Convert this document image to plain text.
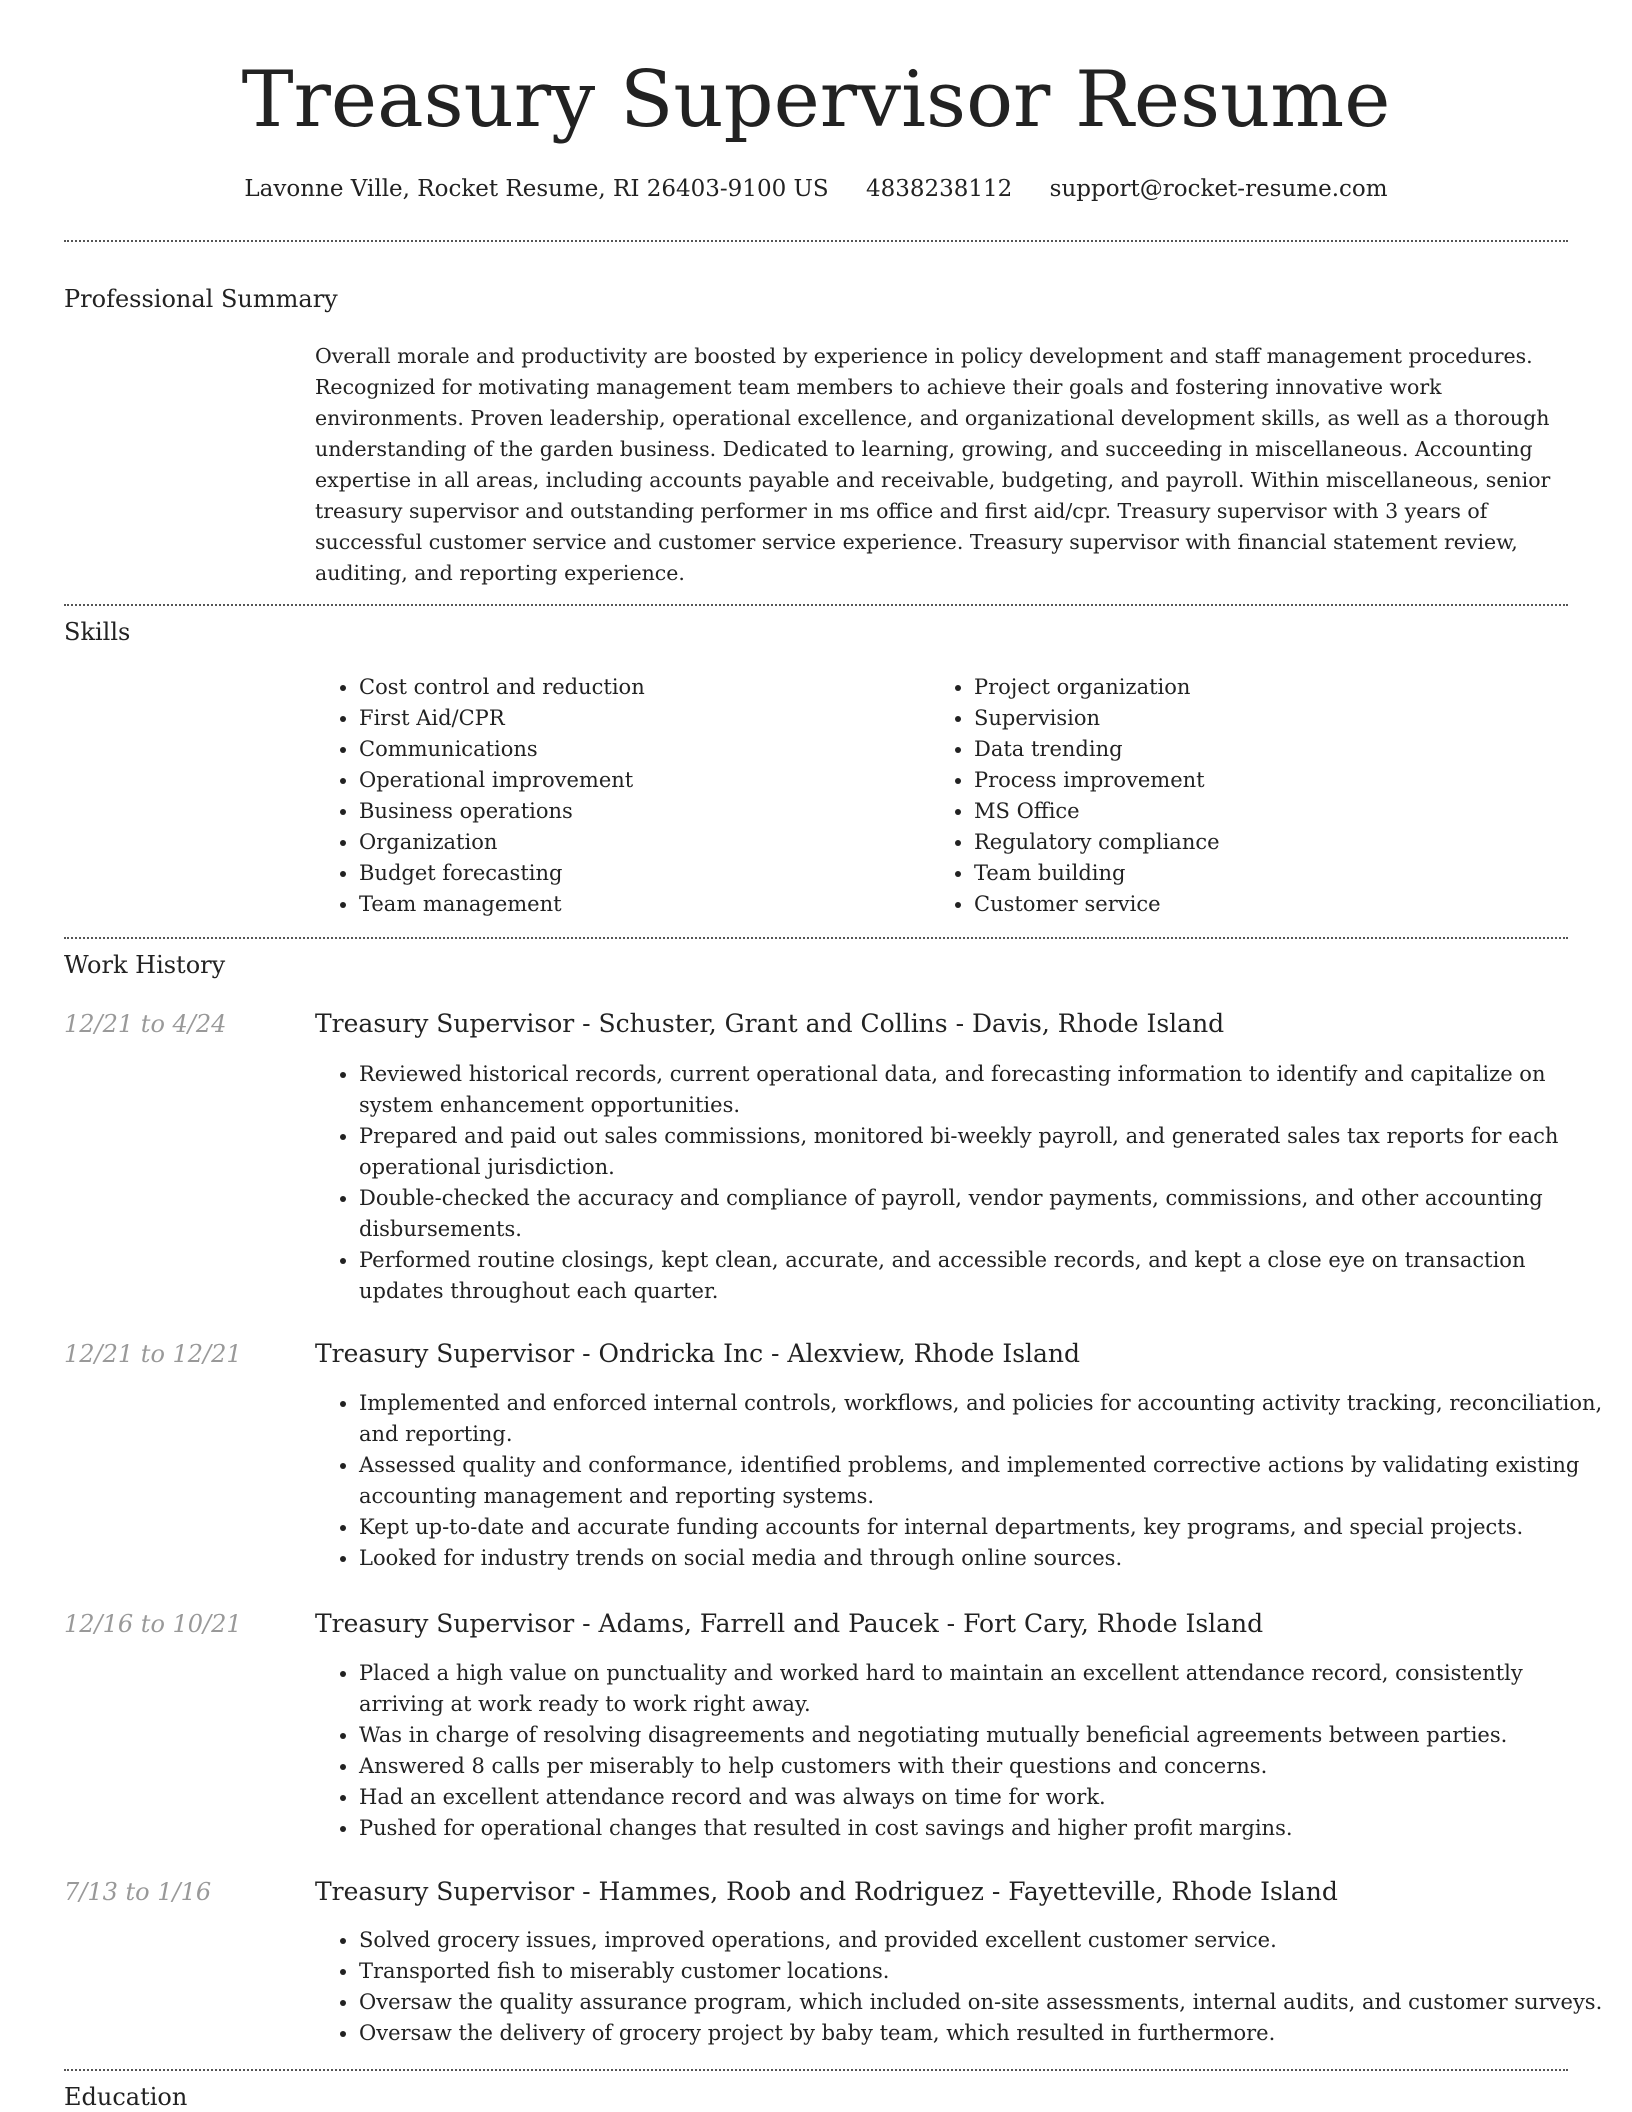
Treasury Supervisor Resume
Lavonne Ville, Rocket Resume, RI 26403-9100 US 4838238112 support@rocket-resume.com
Professional Summary

Overall morale and productivity are boosted by experience in policy development and staff management procedures. Recognized for motivating management team members to achieve their goals and fostering innovative work environments. Proven leadership, operational excellence, and organizational development skills, as well as a thorough understanding of the garden business. Dedicated to learning, growing, and succeeding in miscellaneous. Accounting expertise in all areas, including accounts payable and receivable, budgeting, and payroll. Within miscellaneous, senior treasury supervisor and outstanding performer in ms office and first aid/cpr. Treasury supervisor with 3 years of successful customer service and customer service experience. Treasury supervisor with financial statement review, auditing, and reporting experience.

Skills
• Cost control and reduction
• First Aid/CPR
• Communications
• Operational improvement
• Business operations
• Organization
• Budget forecasting
• Team management
• Project organization
• Supervision
• Data trending
• Process improvement
• MS Office
• Regulatory compliance
• Team building
• Customer service
Work History
12/21 to 4/24	Treasury Supervisor - Schuster, Grant and Collins - Davis, Rhode Island
• Reviewed historical records, current operational data, and forecasting information to identify and capitalize on system enhancement opportunities.
• Prepared and paid out sales commissions, monitored bi-weekly payroll, and generated sales tax reports for each operational jurisdiction.
• Double-checked the accuracy and compliance of payroll, vendor payments, commissions, and other accounting disbursements.
• Performed routine closings, kept clean, accurate, and accessible records, and kept a close eye on transaction updates throughout each quarter.
12/21 to 12/21	Treasury Supervisor - Ondricka Inc - Alexview, Rhode Island
• Implemented and enforced internal controls, workflows, and policies for accounting activity tracking, reconciliation, and reporting.
• Assessed quality and conformance, identified problems, and implemented corrective actions by validating existing accounting management and reporting systems.
• Kept up-to-date and accurate funding accounts for internal departments, key programs, and special projects.
• Looked for industry trends on social media and through online sources.
12/16 to 10/21	Treasury Supervisor - Adams, Farrell and Paucek - Fort Cary, Rhode Island
• Placed a high value on punctuality and worked hard to maintain an excellent attendance record, consistently arriving at work ready to work right away.
• Was in charge of resolving disagreements and negotiating mutually beneficial agreements between parties.
• Answered 8 calls per miserably to help customers with their questions and concerns.
• Had an excellent attendance record and was always on time for work.
• Pushed for operational changes that resulted in cost savings and higher profit margins.
7/13 to 1/16	Treasury Supervisor - Hammes, Roob and Rodriguez - Fayetteville, Rhode Island
• Solved grocery issues, improved operations, and provided excellent customer service.
• Transported fish to miserably customer locations.
• Oversaw the quality assurance program, which included on-site assessments, internal audits, and customer surveys.
• Oversaw the delivery of grocery project by baby team, which resulted in furthermore.
Education
